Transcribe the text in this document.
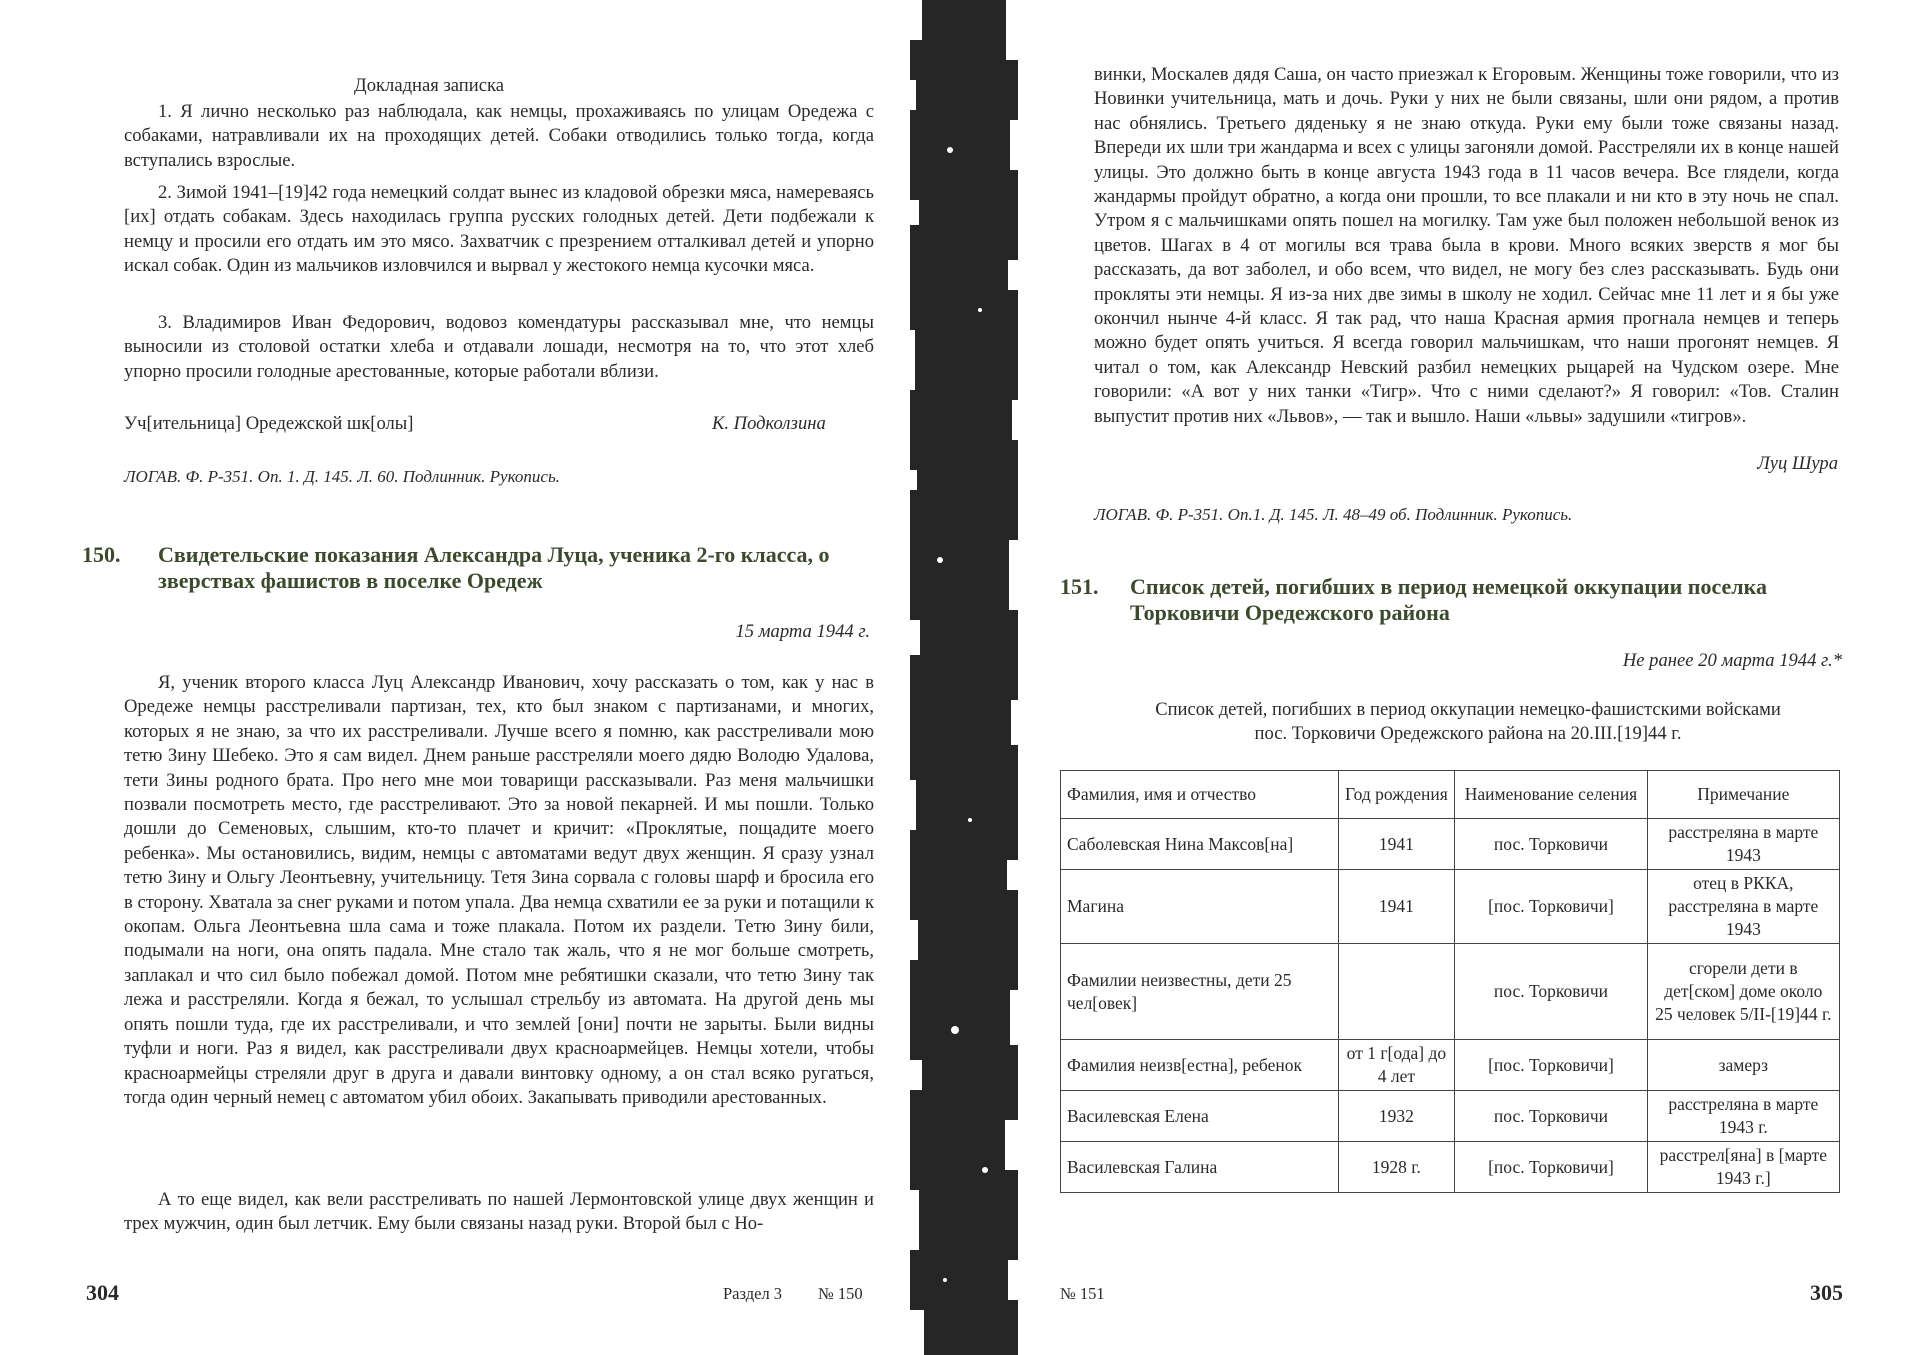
Докладная записка

1. Я лично несколько раз наблюдала, как немцы, прохаживаясь по улицам Оредежа с собаками, натравливали их на проходящих детей. Собаки отводились только тогда, когда вступались взрослые.

2. Зимой 1941–[19]42 года немецкий солдат вынес из кладовой обрезки мяса, намереваясь [их] отдать собакам. Здесь находилась группа русских голодных детей. Дети подбежали к немцу и просили его отдать им это мясо. Захватчик с презрением отталкивал детей и упорно искал собак. Один из мальчиков изловчился и вырвал у жестокого немца кусочки мяса.

3. Владимиров Иван Федорович, водовоз комендатуры рассказывал мне, что немцы выносили из столовой остатки хлеба и отдавали лошади, несмотря на то, что этот хлеб упорно просили голодные арестованные, которые работали вблизи.

Уч[ительница] Оредежской шк[олы]	К. Подколзина
ЛОГАВ. Ф. Р-351. Оп. 1. Д. 145. Л. 60. Подлинник. Рукопись.
150. Свидетельские показания Александра Луца, ученика 2-го класса, о зверствах фашистов в поселке Оредеж
15 марта 1944 г.

Я, ученик второго класса Луц Александр Иванович, хочу рассказать о том, как у нас в Оредеже немцы расстреливали партизан, тех, кто был знаком с партизанами, и многих, которых я не знаю, за что их расстреливали. Лучше всего я помню, как расстреливали мою тетю Зину Шебеко. Это я сам видел. Днем раньше расстреляли моего дядю Володю Удалова, тети Зины родного брата. Про него мне мои товарищи рассказывали. Раз меня мальчишки позвали посмотреть место, где расстреливают. Это за новой пекарней. И мы пошли. Только дошли до Семеновых, слышим, кто-то плачет и кричит: «Проклятые, пощадите моего ребенка». Мы остановились, видим, немцы с автоматами ведут двух женщин. Я сразу узнал тетю Зину и Ольгу Леонтьевну, учительницу. Тетя Зина сорвала с головы шарф и бросила его в сторону. Хватала за снег руками и потом упала. Два немца схватили ее за руки и потащили к окопам. Ольга Леонтьевна шла сама и тоже плакала. Потом их раздели. Тетю Зину били, подымали на ноги, она опять падала. Мне стало так жаль, что я не мог больше смотреть, заплакал и что сил было побежал домой. Потом мне ребятишки сказали, что тетю Зину так лежа и расстреляли. Когда я бежал, то услышал стрельбу из автомата. На другой день мы опять пошли туда, где их расстреливали, и что землей [они] почти не зарыты. Были видны туфли и ноги. Раз я видел, как расстреливали двух красноармейцев. Немцы хотели, чтобы красноармейцы стреляли друг в друга и давали винтовку одному, а он стал всяко ругаться, тогда один черный немец с автоматом убил обоих. Закапывать приводили арестованных.

А то еще видел, как вели расстреливать по нашей Лермонтовской улице двух женщин и трех мужчин, один был летчик. Ему были связаны назад руки. Второй был с Но-

304	Раздел 3 № 150

винки, Москалев дядя Саша, он часто приезжал к Егоровым. Женщины тоже говорили, что из Новинки учительница, мать и дочь. Руки у них не были связаны, шли они рядом, а против нас обнялись. Третьего дяденьку я не знаю откуда. Руки ему были тоже связаны назад. Впереди их шли три жандарма и всех с улицы загоняли домой. Расстреляли их в конце нашей улицы. Это должно быть в конце августа 1943 года в 11 часов вечера. Все глядели, когда жандармы пройдут обратно, а когда они прошли, то все плакали и ни кто в эту ночь не спал. Утром я с мальчишками опять пошел на могилку. Там уже был положен небольшой венок из цветов. Шагах в 4 от могилы вся трава была в крови. Много всяких зверств я мог бы рассказать, да вот заболел, и обо всем, что видел, не могу без слез рассказывать. Будь они прокляты эти немцы. Я из-за них две зимы в школу не ходил. Сейчас мне 11 лет и я бы уже окончил нынче 4-й класс. Я так рад, что наша Красная армия прогнала немцев и теперь можно будет опять учиться. Я всегда говорил мальчишкам, что наши прогонят немцев. Я читал о том, как Александр Невский разбил немецких рыцарей на Чудском озере. Мне говорили: «А вот у них танки «Тигр». Что с ними сделают?» Я говорил: «Тов. Сталин выпустит против них «Львов», — так и вышло. Наши «львы» задушили «тигров».

Луц Шура
ЛОГАВ. Ф. Р-351. Оп.1. Д. 145. Л. 48–49 об. Подлинник. Рукопись.
151. Список детей, погибших в период немецкой оккупации поселка Торковичи Оредежского района
Не ранее 20 марта 1944 г.*
Список детей, погибших в период оккупации немецко-фашистскими войсками
пос. Торковичи Оредежского района на 20.III.[19]44 г.
Фамилия, имя и отчество	Год рождения	Наименование селения	Примечание
Саболевская Нина Максов[на]	1941	пос. Торковичи	расстреляна в марте 1943
Магина	1941	[пос. Торковичи]	отец в РККА, расстреляна в марте 1943
Фамилии неизвестны, дети 25 чел[овек]		пос. Торковичи	сгорели дети в дет[ском] доме около 25 человек 5/II-[19]44 г.
Фамилия неизв[естна], ребенок	от 1 г[ода] до 4 лет	[пос. Торковичи]	замерз
Василевская Елена	1932	пос. Торковичи	расстреляна в марте 1943 г.
Василевская Галина	1928 г.	[пос. Торковичи]	расстрел[яна] в [марте 1943 г.]
№ 151	305
